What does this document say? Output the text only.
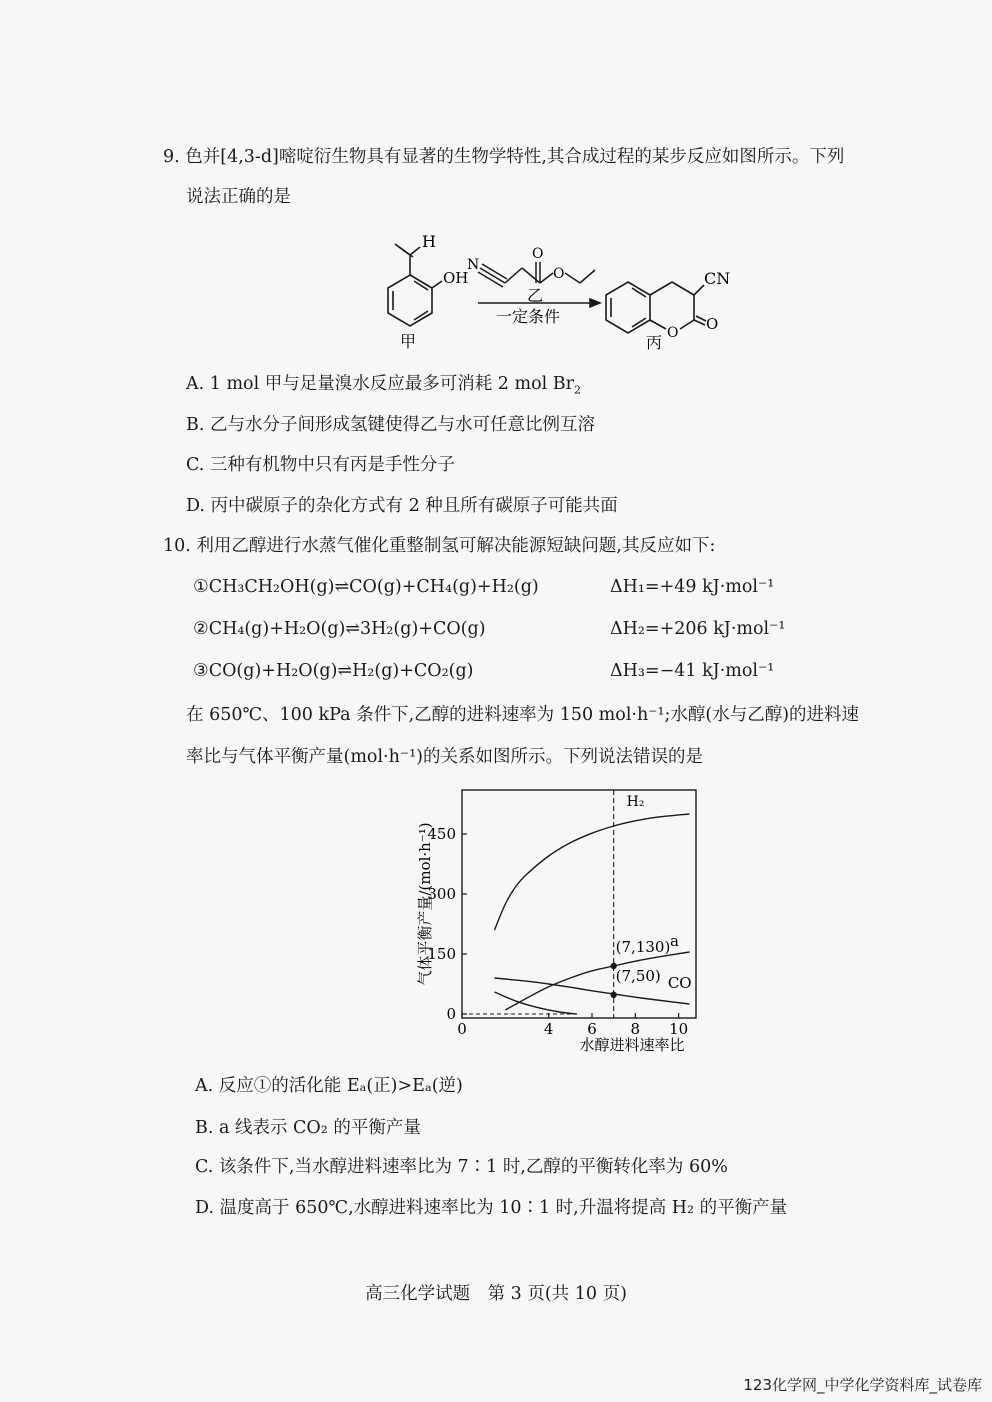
9. 色并[4,3-d]嘧啶衍生物具有显著的生物学特性,其合成过程的某步反应如图所示。下列
说法正确的是
H
OH
甲
N
O
O
乙
一定条件
O O
CN
丙
A. 1 mol 甲与足量溴水反应最多可消耗 2 mol $Br_2$
B. 乙与水分子间形成氢键使得乙与水可任意比例互溶
C. 三种有机物中只有丙是手性分子
D. 丙中碳原子的杂化方式有 2 种且所有碳原子可能共面
10. 利用乙醇进行水蒸气催化重整制氢可解决能源短缺问题,其反应如下:
①CH₃CH₂OH(g)⇌CO(g)+CH₄(g)+H₂(g)	ΔH₁=+49 kJ·mol⁻¹
②CH₄(g)+H₂O(g)⇌3H₂(g)+CO(g)	ΔH₂=+206 kJ·mol⁻¹
③CO(g)+H₂O(g)⇌H₂(g)+CO₂(g)	ΔH₃=−41 kJ·mol⁻¹
在 650℃、100 kPa 条件下,乙醇的进料速率为 150 mol·h⁻¹;水醇(水与乙醇)的进料速
率比与气体平衡产量(mol·h⁻¹)的关系如图所示。下列说法错误的是
H₂
a
CO
(7,130)
(7,50)
0
150
300
450
0	4 6 8 10
气体平衡产量/(mol·h⁻¹)
水醇进料速率比
A. 反应①的活化能 Eₐ(正)>Eₐ(逆)
B. a 线表示 CO₂ 的平衡产量
C. 该条件下,当水醇进料速率比为 7∶1 时,乙醇的平衡转化率为 60%
D. 温度高于 650℃,水醇进料速率比为 10∶1 时,升温将提高 H₂ 的平衡产量
高三化学试题　第 3 页(共 10 页)
123化学网_中学化学资料库_试卷库
